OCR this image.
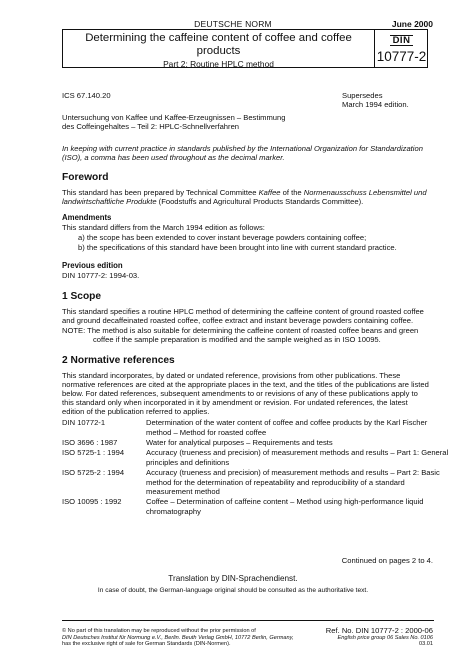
DEUTSCHE NORM	June 2000
Determining the caffeine content of coffee and coffee products
Part 2: Routine HPLC method
DIN
10777-2
ICS 67.140.20	Supersedes
March 1994 edition.
Untersuchung von Kaffee und Kaffee-Erzeugnissen – Bestimmung
des Coffeingehaltes – Teil 2: HPLC-Schnellverfahren
In keeping with current practice in standards published by the International Organization for Standardization
(ISO), a comma has been used throughout as the decimal marker.
Foreword
This standard has been prepared by Technical Committee Kaffee of the Normenausschuss Lebensmittel und
landwirtschaftliche Produkte (Foodstuffs and Agricultural Products Standards Committee).
Amendments
This standard differs from the March 1994 edition as follows:
a) the scope has been extended to cover instant beverage powders containing coffee;
b) the specifications of this standard have been brought into line with current standard practice.
Previous edition
DIN 10777-2: 1994-03.
1 Scope
This standard specifies a routine HPLC method of determining the caffeine content of ground roasted coffee
and ground decaffeinated roasted coffee, coffee extract and instant beverage powders containing coffee.
NOTE: The method is also suitable for determining the caffeine content of roasted coffee beans and green
coffee if the sample preparation is modified and the sample weighed as in ISO 10095.
2 Normative references
This standard incorporates, by dated or undated reference, provisions from other publications. These
normative references are cited at the appropriate places in the text, and the titles of the publications are listed
below. For dated references, subsequent amendments to or revisions of any of these publications apply to
this standard only when incorporated in it by amendment or revision. For undated references, the latest
edition of the publication referred to applies.
DIN 10772-1	Determination of the water content of coffee and coffee products by the Karl Fischer
method – Method for roasted coffee
ISO 3696 : 1987	Water for analytical purposes – Requirements and tests
ISO 5725-1 : 1994	Accuracy (trueness and precision) of measurement methods and results – Part 1: General
principles and definitions
ISO 5725-2 : 1994	Accuracy (trueness and precision) of measurement methods and results – Part 2: Basic
method for the determination of repeatability and reproducibility of a standard
measurement method
ISO 10095 : 1992	Coffee – Determination of caffeine content – Method using high-performance liquid
chromatography
Continued on pages 2 to 4.
Translation by DIN-Sprachendienst.
In case of doubt, the German-language original should be consulted as the authoritative text.
© No part of this translation may be reproduced without the prior permission of
DIN Deutsches Institut für Normung e.V., Berlin. Beuth Verlag GmbH, 10772 Berlin, Germany,
has the exclusive right of sale for German Standards (DIN-Normen).
Ref. No. DIN 10777-2 : 2000-06
English price group 06 Sales No. 0106
03.01
